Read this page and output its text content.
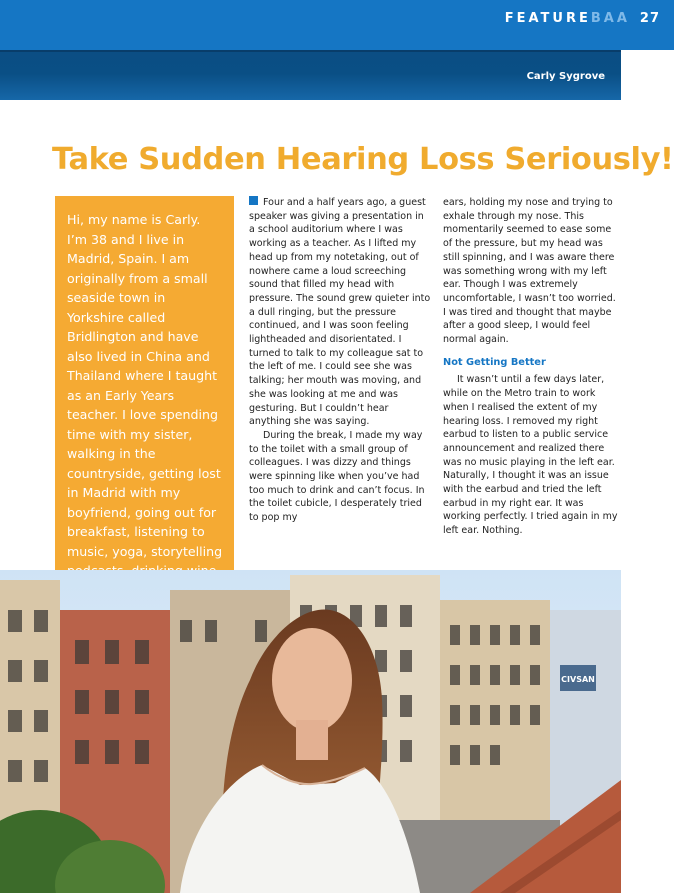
FEATUREBAA 27
Carly Sygrove
Take Sudden Hearing Loss Seriously!
Hi, my name is Carly. I’m 38 and I live in Madrid, Spain. I am originally from a small seaside town in Yorkshire called Bridlington and have also lived in China and Thailand where I taught as an Early Years teacher. I love spending time with my sister, walking in the countryside, getting lost in Madrid with my boyfriend, going out for breakfast, listening to music, yoga, storytelling

Four and a half years ago, a guest speaker was giving a presentation in a school auditorium where I was working as a teacher. As I lifted my head up from my notetaking, out of nowhere came a loud screeching sound that filled my head with pressure. The sound grew quieter into a dull ringing, but the pressure continued, and I was soon feeling lightheaded and disorientated. I turned to talk to my colleague sat to the left of me. I could see she was talking; her mouth was moving, and she was looking at me and was gesturing. But I couldn’t hear anything she was saying.

During the break, I made my way to the toilet with a small group of colleagues. I was dizzy and things were spinning like when you’ve had too much to drink and can’t focus. In the toilet cubicle, I desperately tried to pop my

ears, holding my nose and trying to exhale through my nose. This momentarily seemed to ease some of the pressure, but my head was still spinning, and I was aware there was something wrong with my left ear. Though I was extremely uncomfortable, I wasn’t too worried. I was tired and thought that maybe after a good sleep, I would feel normal again.

Not Getting Better

It wasn’t until a few days later, while on the Metro train to work when I realised the extent of my hearing loss. I removed my right earbud to listen to a public service announcement and realized there was no music playing in the left ear. Naturally, I thought it was an issue with the earbud and tried the left earbud in my right ear. It was working perfectly. I tried again in my left ear. Nothing.

CIVSAN
